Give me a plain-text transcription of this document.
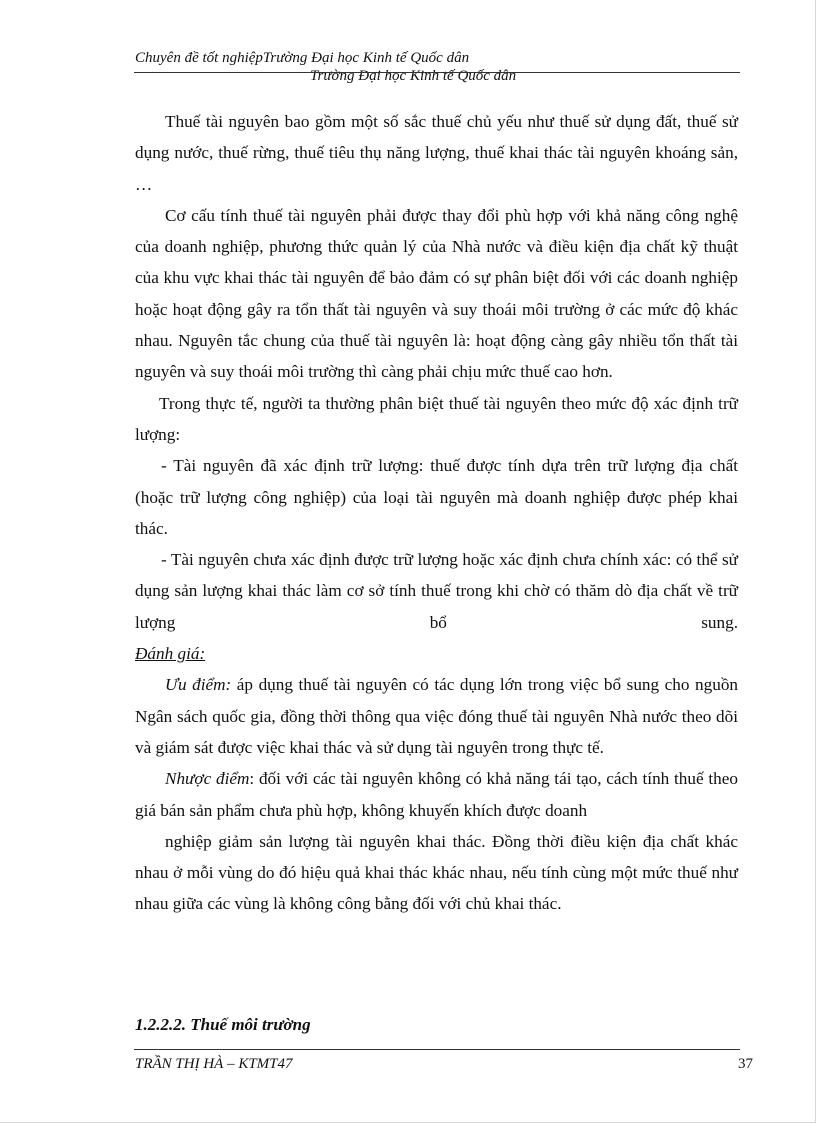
Chuyên đề tốt nghiệpTrường Đại học Kinh tế Quốc dân
Trường Đại học Kinh tế Quốc dân

Thuế tài nguyên bao gồm một số sắc thuế chủ yếu như thuế sử dụng đất, thuế sử dụng nước, thuế rừng, thuế tiêu thụ năng lượng, thuế khai thác tài nguyên khoáng sản, …

Cơ cấu tính thuế tài nguyên phải được thay đổi phù hợp với khả năng công nghệ của doanh nghiệp, phương thức quản lý của Nhà nước và điều kiện địa chất kỹ thuật của khu vực khai thác tài nguyên để bảo đảm có sự phân biệt đối với các doanh nghiệp hoặc hoạt động gây ra tổn thất tài nguyên và suy thoái môi trường ở các mức độ khác nhau. Nguyên tắc chung của thuế tài nguyên là: hoạt động càng gây nhiều tổn thất tài nguyên và suy thoái môi trường thì càng phải chịu mức thuế cao hơn.

Trong thực tế, người ta thường phân biệt thuế tài nguyên theo mức độ xác định trữ lượng:

- Tài nguyên đã xác định trữ lượng: thuế được tính dựa trên trữ lượng địa chất (hoặc trữ lượng công nghiệp) của loại tài nguyên mà doanh nghiệp được phép khai thác.

- Tài nguyên chưa xác định được trữ lượng hoặc xác định chưa chính xác: có thể sử dụng sản lượng khai thác làm cơ sở tính thuế trong khi chờ có thăm dò địa chất về trữ lượng bổ sung.

Đánh giá:

Ưu điểm: áp dụng thuế tài nguyên có tác dụng lớn trong việc bổ sung cho nguồn Ngân sách quốc gia, đồng thời thông qua việc đóng thuế tài nguyên Nhà nước theo dõi và giám sát được việc khai thác và sử dụng tài nguyên trong thực tế.

Nhược điểm: đối với các tài nguyên không có khả năng tái tạo, cách tính thuế theo giá bán sản phẩm chưa phù hợp, không khuyến khích được doanh

nghiệp giảm sản lượng tài nguyên khai thác. Đồng thời điều kiện địa chất khác nhau ở mỗi vùng do đó hiệu quả khai thác khác nhau, nếu tính cùng một mức thuế như nhau giữa các vùng là không công bằng đối với chủ khai thác.

1.2.2.2. Thuế môi trường
TRẦN THỊ HÀ – KTMT47	37
